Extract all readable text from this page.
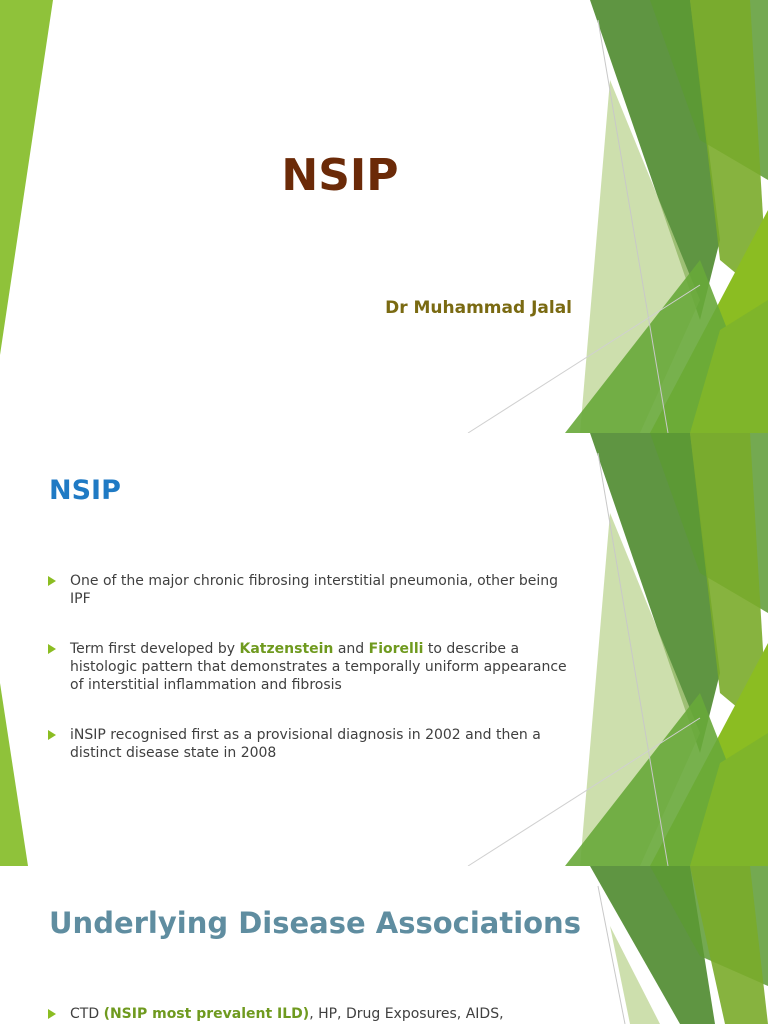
NSIP

Dr Muhammad Jalal

NSIP
One of the major chronic fibrosing interstitial pneumonia, other being IPF
Term first developed by Katzenstein and Fiorelli to describe a histologic pattern that demonstrates a temporally uniform appearance of interstitial inflammation and fibrosis
iNSIP recognised first as a provisional diagnosis in 2002 and then a distinct disease state in 2008
Underlying Disease Associations
CTD (NSIP most prevalent ILD), HP, Drug Exposures, AIDS,
